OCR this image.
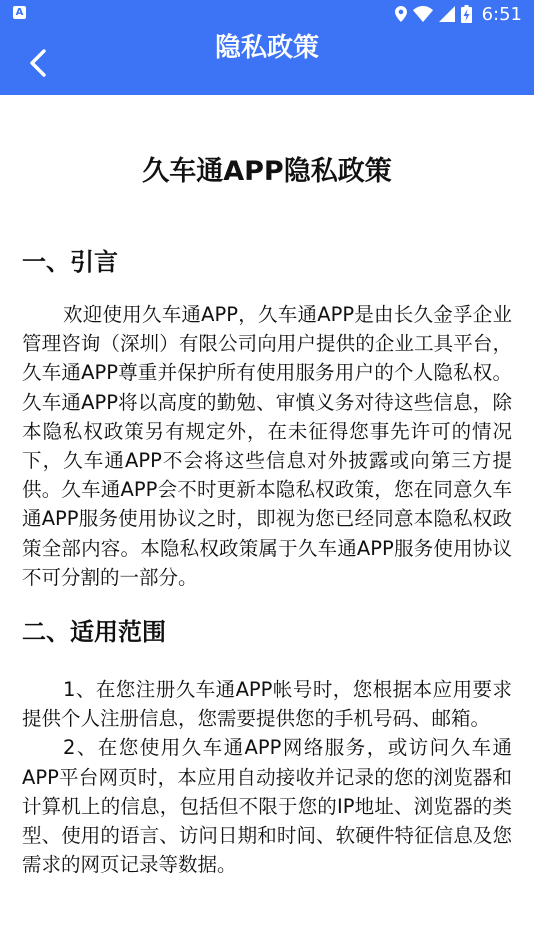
A	6:51
隐私政策
久车通APP隐私政策
一、引言

欢迎使用久车通APP，久车通APP是由长久金孚企业管理咨询（深圳）有限公司向用户提供的企业工具平台，久车通APP尊重并保护所有使用服务用户的个人隐私权。久车通APP将以高度的勤勉、审慎义务对待这些信息，除本隐私权政策另有规定外，在未征得您事先许可的情况下，久车通APP不会将这些信息对外披露或向第三方提供。久车通APP会不时更新本隐私权政策，您在同意久车通APP服务使用协议之时，即视为您已经同意本隐私权政策全部内容。本隐私权政策属于久车通APP服务使用协议不可分割的一部分。

二、适用范围

1、在您注册久车通APP帐号时，您根据本应用要求提供个人注册信息，您需要提供您的手机号码、邮箱。

2、在您使用久车通APP网络服务，或访问久车通APP平台网页时，本应用自动接收并记录的您的浏览器和计算机上的信息，包括但不限于您的IP地址、浏览器的类型、使用的语言、访问日期和时间、软硬件特征信息及您需求的网页记录等数据。
